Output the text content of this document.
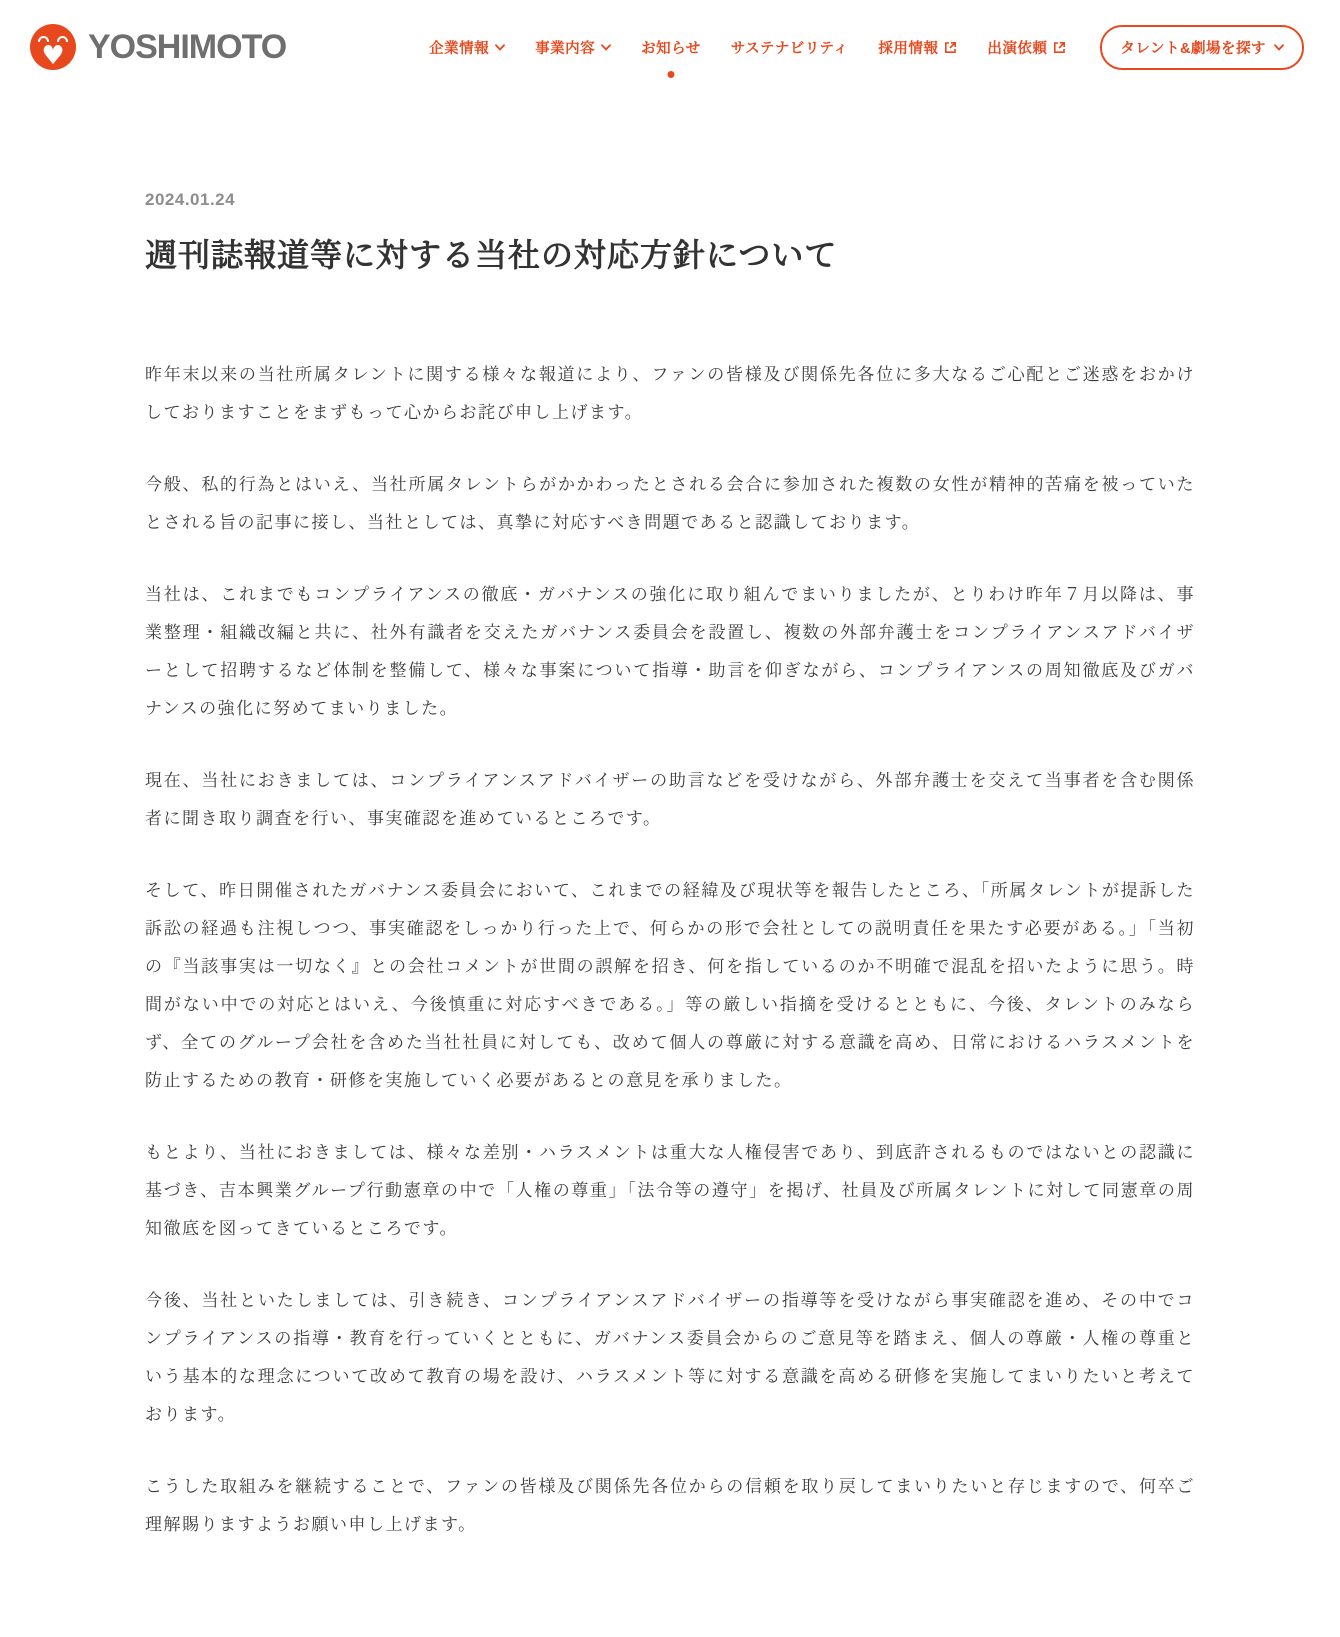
♥ YOSHIMOTO	企業情報	事業内容	お知らせ サステナビリティ 採用情報	出演依頼	タレント&劇場を探す
2024.01.24
週刊誌報道等に対する当社の対応方針について

昨年末以来の当社所属タレントに関する様々な報道により、ファンの皆様及び関係先各位に多大なるご心配とご迷惑をおかけしておりますことをまずもって心からお詫び申し上げます。

今般、私的行為とはいえ、当社所属タレントらがかかわったとされる会合に参加された複数の女性が精神的苦痛を被っていたとされる旨の記事に接し、当社としては、真摯に対応すべき問題であると認識しております。

当社は、これまでもコンプライアンスの徹底・ガバナンスの強化に取り組んでまいりましたが、とりわけ昨年７月以降は、事業整理・組織改編と共に、社外有識者を交えたガバナンス委員会を設置し、複数の外部弁護士をコンプライアンスアドバイザーとして招聘するなど体制を整備して、様々な事案について指導・助言を仰ぎながら、コンプライアンスの周知徹底及びガバナンスの強化に努めてまいりました。

現在、当社におきましては、コンプライアンスアドバイザーの助言などを受けながら、外部弁護士を交えて当事者を含む関係者に聞き取り調査を行い、事実確認を進めているところです。

そして、昨日開催されたガバナンス委員会において、これまでの経緯及び現状等を報告したところ、「所属タレントが提訴した訴訟の経過も注視しつつ、事実確認をしっかり行った上で、何らかの形で会社としての説明責任を果たす必要がある。」「当初の『当該事実は一切なく』との会社コメントが世間の誤解を招き、何を指しているのか不明確で混乱を招いたように思う。時間がない中での対応とはいえ、今後慎重に対応すべきである。」等の厳しい指摘を受けるとともに、今後、タレントのみならず、全てのグループ会社を含めた当社社員に対しても、改めて個人の尊厳に対する意識を高め、日常におけるハラスメントを防止するための教育・研修を実施していく必要があるとの意見を承りました。

もとより、当社におきましては、様々な差別・ハラスメントは重大な人権侵害であり、到底許されるものではないとの認識に基づき、吉本興業グループ行動憲章の中で「人権の尊重」「法令等の遵守」を掲げ、社員及び所属タレントに対して同憲章の周知徹底を図ってきているところです。

今後、当社といたしましては、引き続き、コンプライアンスアドバイザーの指導等を受けながら事実確認を進め、その中でコンプライアンスの指導・教育を行っていくとともに、ガバナンス委員会からのご意見等を踏まえ、個人の尊厳・人権の尊重という基本的な理念について改めて教育の場を設け、ハラスメント等に対する意識を高める研修を実施してまいりたいと考えております。

こうした取組みを継続することで、ファンの皆様及び関係先各位からの信頼を取り戻してまいりたいと存じますので、何卒ご理解賜りますようお願い申し上げます。
